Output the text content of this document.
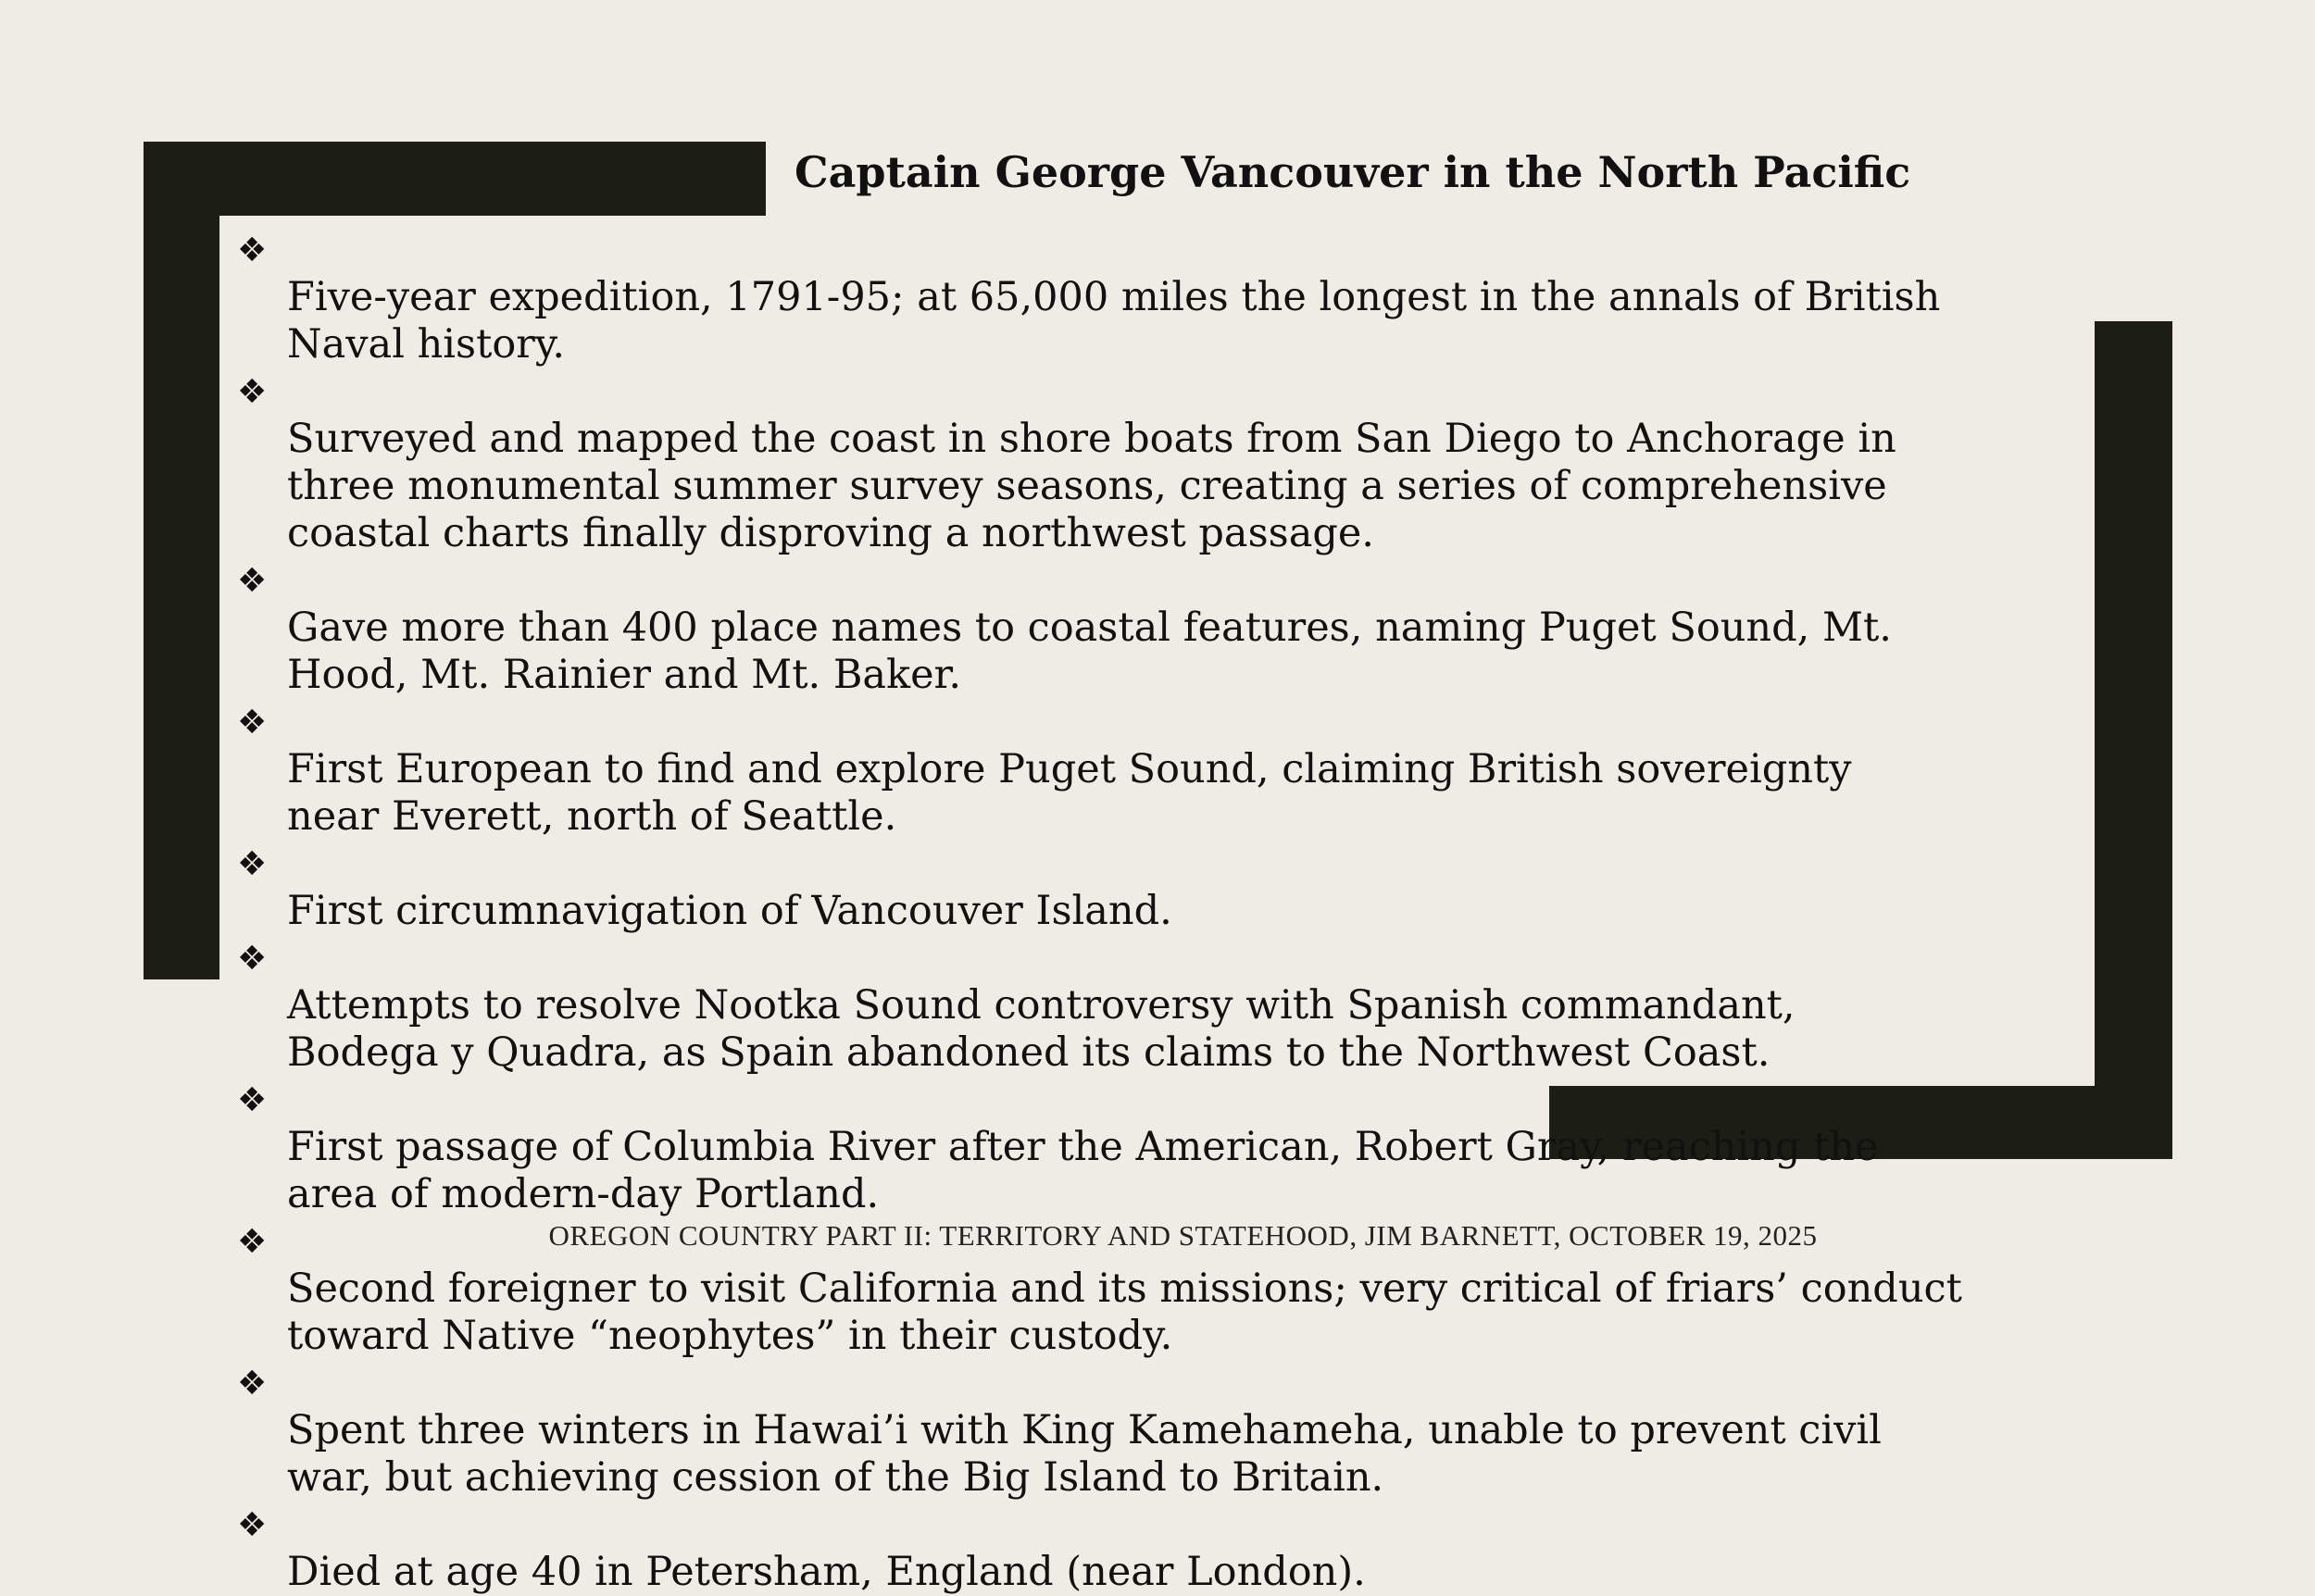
Captain George Vancouver in the North Pacific

❖
Five-year expedition, 1791-95; at 65,000 miles the longest in the annals of British
Naval history.

❖
Surveyed and mapped the coast in shore boats from San Diego to Anchorage in
three monumental summer survey seasons, creating a series of comprehensive
coastal charts finally disproving a northwest passage.

❖
Gave more than 400 place names to coastal features, naming Puget Sound, Mt.
Hood, Mt. Rainier and Mt. Baker.

❖
First European to find and explore Puget Sound, claiming British sovereignty
near Everett, north of Seattle.

❖
First circumnavigation of Vancouver Island.

❖
Attempts to resolve Nootka Sound controversy with Spanish commandant,
Bodega y Quadra, as Spain abandoned its claims to the Northwest Coast.

❖
First passage of Columbia River after the American, Robert Gray, reaching the
area of modern-day Portland.

❖
Second foreigner to visit California and its missions; very critical of friars’ conduct
toward Native “neophytes” in their custody.

❖
Spent three winters in Hawai’i with King Kamehameha, unable to prevent civil
war, but achieving cession of the Big Island to Britain.

❖
Died at age 40 in Petersham, England (near London).

OREGON COUNTRY PART II: TERRITORY AND STATEHOOD, JIM BARNETT, OCTOBER 19, 2025
